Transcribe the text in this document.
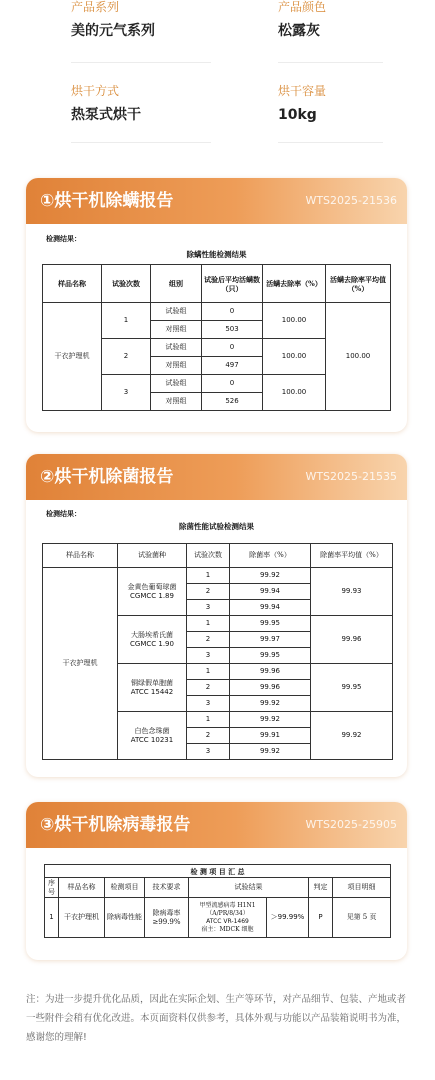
产品系列
美的元气系列
产品颜色
松露灰
烘干方式
热泵式烘干
烘干容量
10kg
①烘干机除螨报告	WTS2025-21536
检测结果：
除螨性能检测结果
样品名称	试验次数	组别	试验后平均活螨数（只）	活螨去除率（%）	活螨去除率平均值（%）
干衣护理机	1	试验组	0	100.00	100.00
		对照组	503		
	2	试验组	0	100.00	
		对照组	497		
	3	试验组	0	100.00	
		对照组	526		
②烘干机除菌报告	WTS2025-21535
检测结果：
除菌性能试验检测结果
样品名称	试验菌种	试验次数	除菌率（%）	除菌率平均值（%）
干衣护理机	金黄色葡萄球菌
CGMCC 1.89	1	99.92	99.93
		2	99.94	
		3	99.94	

	大肠埃希氏菌
CGMCC 1.90	1	99.95	99.96
		2	99.97	
		3	99.95	

	铜绿假单胞菌
ATCC 15442	1	99.96	99.95
		2	99.96	
		3	99.92	

	白色念珠菌
ATCC 10231	1	99.92	99.92
		2	99.91	
		3	99.92	
③烘干机除病毒报告	WTS2025-25905
检 测 项 目 汇 总							
序号	样品名称	检测项目	技术要求	试验结果		判定	项目明细
1	干衣护理机	除病毒性能	除病毒率≥99.9%	甲型流感病毒 H1N1
（A/PR/8/34）
ATCC VR-1469
宿主：MDCK 细胞	＞99.99%	P	见第 5 页
注：为进一步提升优化品质，因此在实际企划、生产等环节，对产品细节、包装、产地或者一些附件会稍有优化改进。本页面资料仅供参考，具体外观与功能以产品装箱说明书为准，感谢您的理解!
